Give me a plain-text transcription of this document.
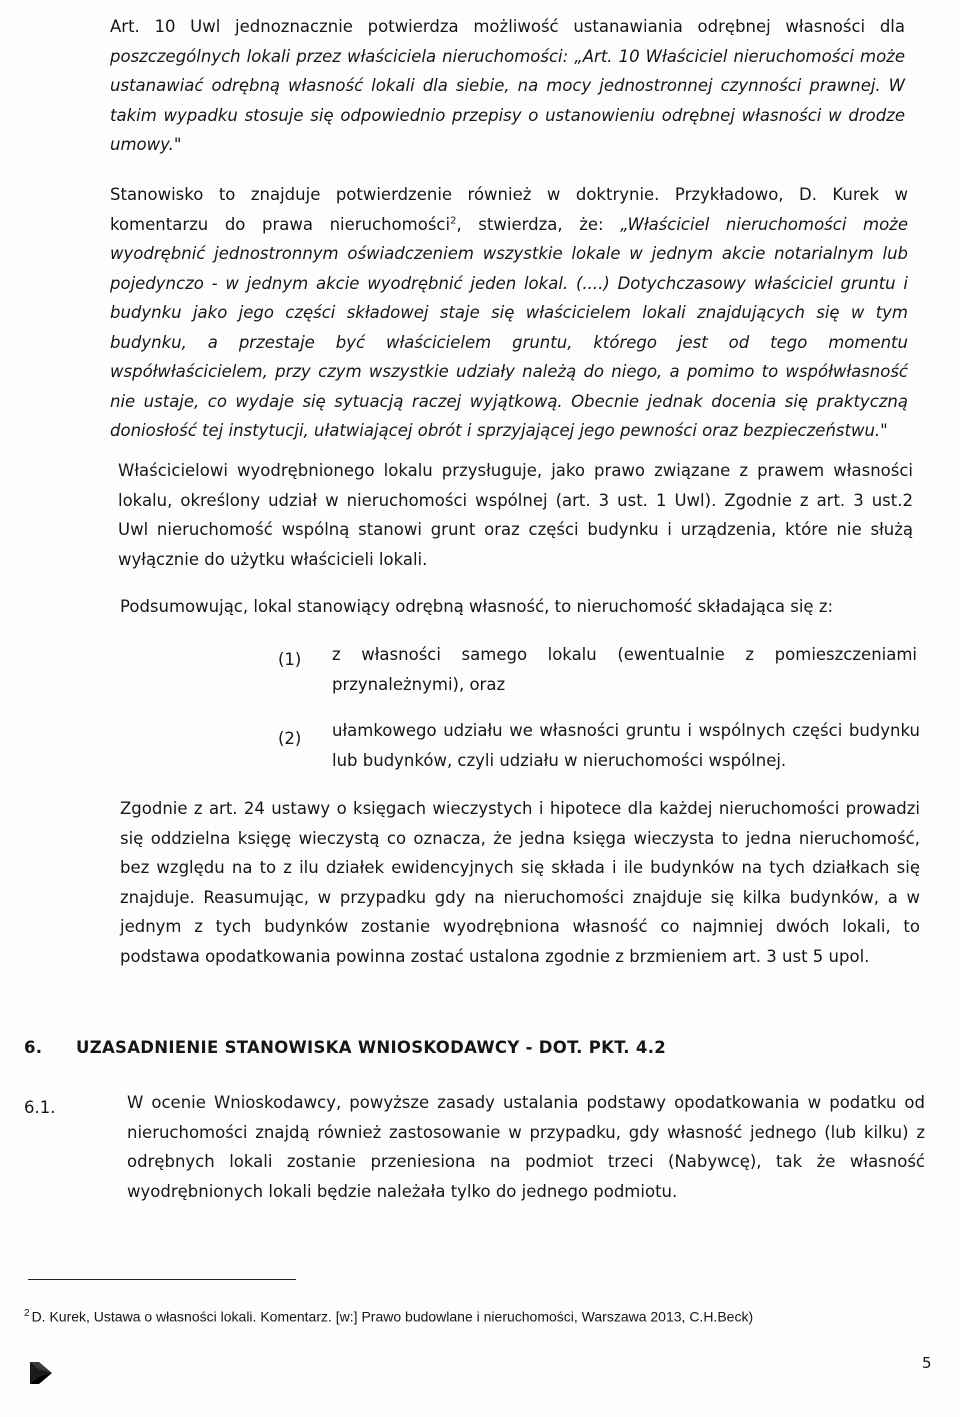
Art. 10 Uwl jednoznacznie potwierdza możliwość ustanawiania odrębnej własności dla
poszczególnych lokali przez właściciela nieruchomości: „Art. 10 Właściciel nieruchomości może
ustanawiać odrębną własność lokali dla siebie, na mocy jednostronnej czynności prawnej. W
takim wypadku stosuje się odpowiednio przepisy o ustanowieniu odrębnej własności w drodze
umowy."
Stanowisko to znajduje potwierdzenie również w doktrynie. Przykładowo, D. Kurek w
komentarzu do prawa nieruchomości$^2$, stwierdza, że: „Właściciel nieruchomości może
wyodrębnić jednostronnym oświadczeniem wszystkie lokale w jednym akcie notarialnym lub
pojedynczo - w jednym akcie wyodrębnić jeden lokal. (....) Dotychczasowy właściciel gruntu i
budynku jako jego części składowej staje się właścicielem lokali znajdujących się w tym
budynku, a przestaje być właścicielem gruntu, którego jest od tego momentu
współwłaścicielem, przy czym wszystkie udziały należą do niego, a pomimo to współwłasność
nie ustaje, co wydaje się sytuacją raczej wyjątkową. Obecnie jednak docenia się praktyczną
doniosłość tej instytucji, ułatwiającej obrót i sprzyjającej jego pewności oraz bezpieczeństwu."
Właścicielowi wyodrębnionego lokalu przysługuje, jako prawo związane z prawem własności
lokalu, określony udział w nieruchomości wspólnej (art. 3 ust. 1 Uwl). Zgodnie z art. 3 ust.2
Uwl nieruchomość wspólną stanowi grunt oraz części budynku i urządzenia, które nie służą
wyłącznie do użytku właścicieli lokali.
Podsumowując, lokal stanowiący odrębną własność, to nieruchomość składająca się z:
(1) z własności samego lokalu (ewentualnie z pomieszczeniami
przynależnymi), oraz
(2) ułamkowego udziału we własności gruntu i wspólnych części budynku
lub budynków, czyli udziału w nieruchomości wspólnej.
Zgodnie z art. 24 ustawy o księgach wieczystych i hipotece dla każdej nieruchomości prowadzi
się oddzielna księgę wieczystą co oznacza, że jedna księga wieczysta to jedna nieruchomość,
bez względu na to z ilu działek ewidencyjnych się składa i ile budynków na tych działkach się
znajduje. Reasumując, w przypadku gdy na nieruchomości znajduje się kilka budynków, a w
jednym z tych budynków zostanie wyodrębniona własność co najmniej dwóch lokali, to
podstawa opodatkowania powinna zostać ustalona zgodnie z brzmieniem art. 3 ust 5 upol.
6. UZASADNIENIE STANOWISKA WNIOSKODAWCY - DOT. PKT. 4.2
6.1.	W ocenie Wnioskodawcy, powyższe zasady ustalania podstawy opodatkowania w podatku od
nieruchomości znajdą również zastosowanie w przypadku, gdy własność jednego (lub kilku) z
odrębnych lokali zostanie przeniesiona na podmiot trzeci (Nabywcę), tak że własność
wyodrębnionych lokali będzie należała tylko do jednego podmiotu.
$^2$ D. Kurek, Ustawa o własności lokali. Komentarz. [w:] Prawo budowlane i nieruchomości, Warszawa 2013, C.H.Beck)
5
